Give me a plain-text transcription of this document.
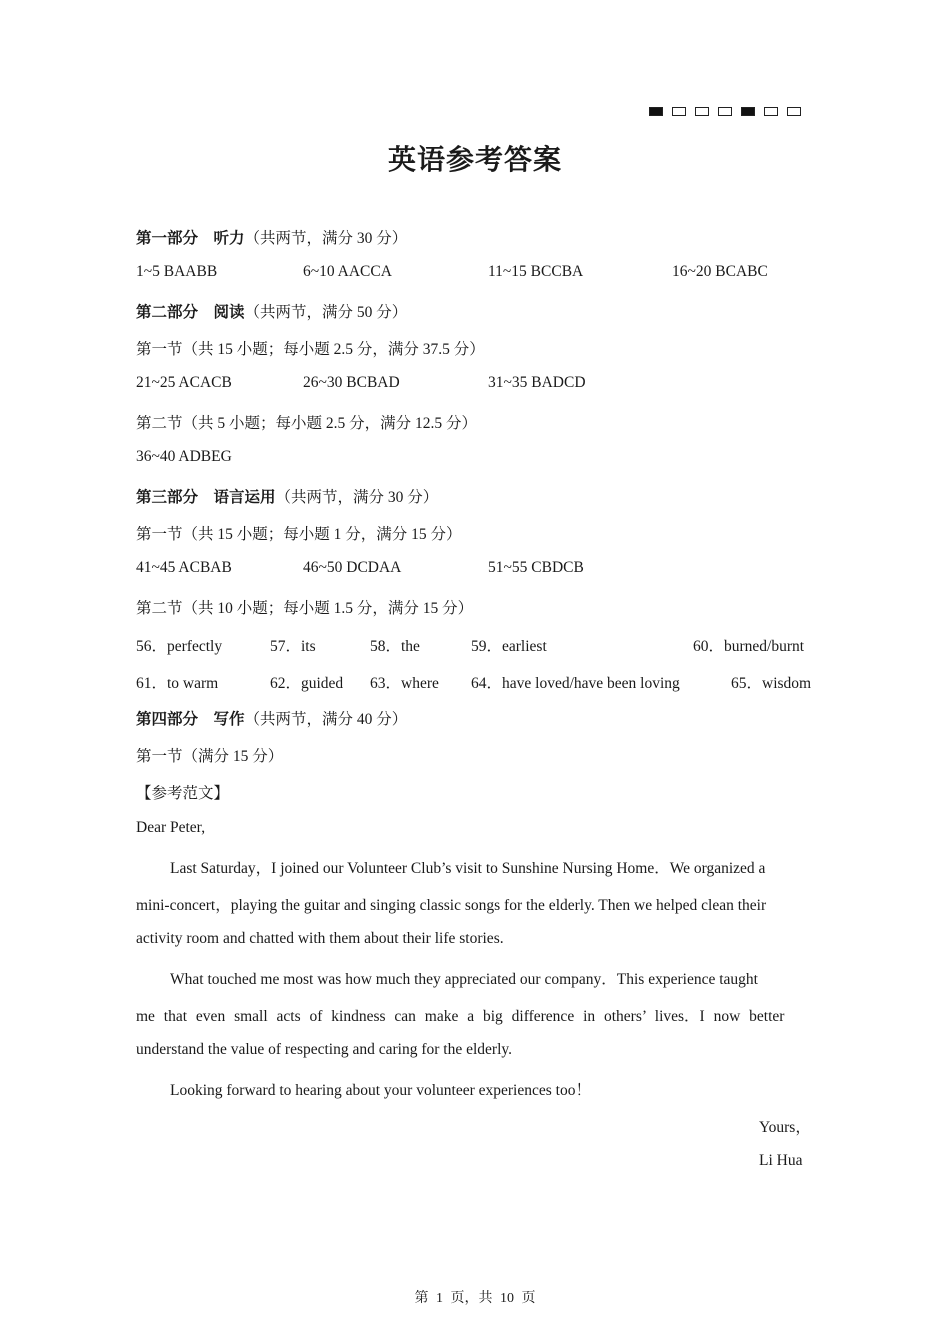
英语参考答案
第一部分　听力（共两节，满分 30 分）
1~5 BAABB	6~10 AACCA	11~15 BCCBA	16~20 BCABC
第二部分　阅读（共两节，满分 50 分）
第一节（共 15 小题；每小题 2.5 分，满分 37.5 分）
21~25 ACACB	26~30 BCBAD	31~35 BADCD
第二节（共 5 小题；每小题 2.5 分，满分 12.5 分）
36~40 ADBEG
第三部分　语言运用（共两节，满分 30 分）
第一节（共 15 小题；每小题 1 分，满分 15 分）
41~45 ACBAB	46~50 DCDAA	51~55 CBDCB
第二节（共 10 小题；每小题 1.5 分，满分 15 分）
56．perfectly	57．its	58．the	59．earliest	60．burned/burnt
61．to warm	62．guided 63．where 64．have loved/have been loving	65．wisdom
第四部分　写作（共两节，满分 40 分）
第一节（满分 15 分）
【参考范文】
Dear Peter,
Last Saturday，I joined our Volunteer Club’s visit to Sunshine Nursing Home．We organized a
mini-concert，playing the guitar and singing classic songs for the elderly. Then we helped clean their
activity room and chatted with them about their life stories.
What touched me most was how much they appreciated our company．This experience taught
me that even small acts of kindness can make a big difference in others’ lives．I now better
understand the value of respecting and caring for the elderly.
Looking forward to hearing about your volunteer experiences too！
Yours，
Li Hua
第 1 页，共 10 页
